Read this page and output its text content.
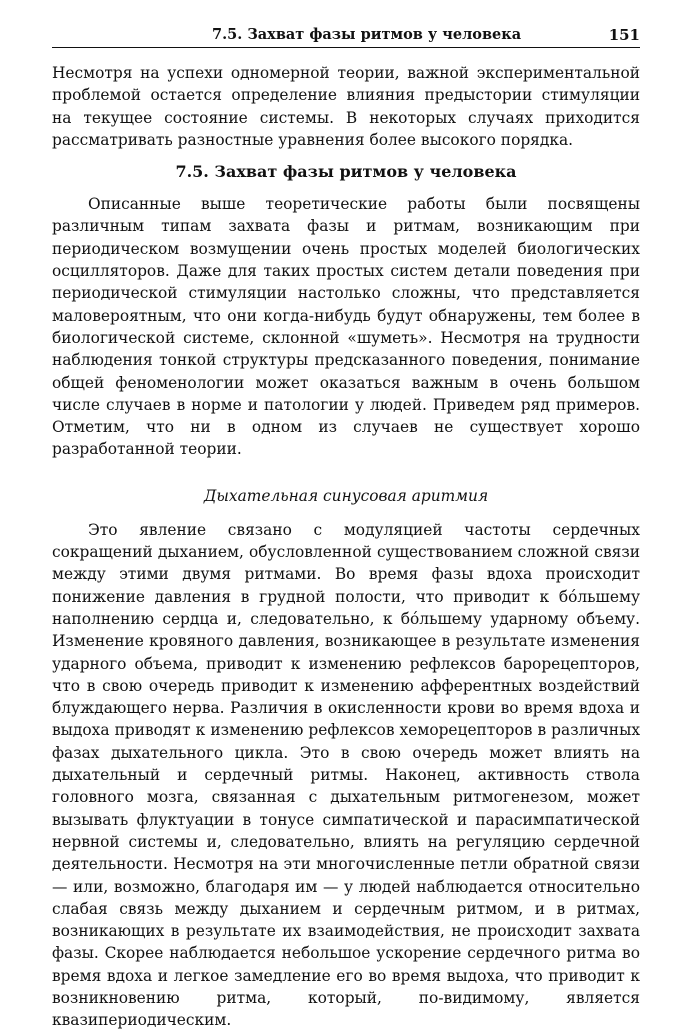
7.5. Захват фазы ритмов у человека	151

Несмотря на успехи одномерной теории, важной экспериментальной проблемой остается определение влияния предыстории стимуляции на текущее состояние системы. В некоторых случаях приходится рассматривать разностные уравнения более высокого порядка.

7.5. Захват фазы ритмов у человека

Описанные выше теоретические работы были посвящены различным типам захвата фазы и ритмам, возникающим при периодическом возмущении очень простых моделей биологических осцилляторов. Даже для таких простых систем детали поведения при периодической стимуляции настолько сложны, что представляется маловероятным, что они когда-нибудь будут обнаружены, тем более в биологической системе, склонной «шуметь». Несмотря на трудности наблюдения тонкой структуры предсказанного поведения, понимание общей феноменологии может оказаться важным в очень большом числе случаев в норме и патологии у людей. Приведем ряд примеров. Отметим, что ни в одном из случаев не существует хорошо разработанной теории.

Дыхательная синусовая аритмия

Это явление связано с модуляцией частоты сердечных сокращений дыханием, обусловленной существованием сложной связи между этими двумя ритмами. Во время фазы вдоха происходит понижение давления в грудной полости, что приводит к бóльшему наполнению сердца и, следовательно, к бóльшему ударному объему. Изменение кровяного давления, возникающее в результате изменения ударного объема, приводит к изменению рефлексов барорецепторов, что в свою очередь приводит к изменению афферентных воздействий блуждающего нерва. Различия в окисленности крови во время вдоха и выдоха приводят к изменению рефлексов хеморецепторов в различных фазах дыхательного цикла. Это в свою очередь может влиять на дыхательный и сердечный ритмы. Наконец, активность ствола головного мозга, связанная с дыхательным ритмогенезом, может вызывать флуктуации в тонусе симпатической и парасимпатической нервной системы и, следовательно, влиять на регуляцию сердечной деятельности. Несмотря на эти многочисленные петли обратной связи — или, возможно, благодаря им — у людей наблюдается относительно слабая связь между дыханием и сердечным ритмом, и в ритмах, возникающих в результате их взаимодействия, не происходит захвата фазы. Скорее наблюдается небольшое ускорение сердечного ритма во время вдоха и легкое замедление его во время выдоха, что приводит к возникновению ритма, который, по-видимому, является квазипериодическим.
